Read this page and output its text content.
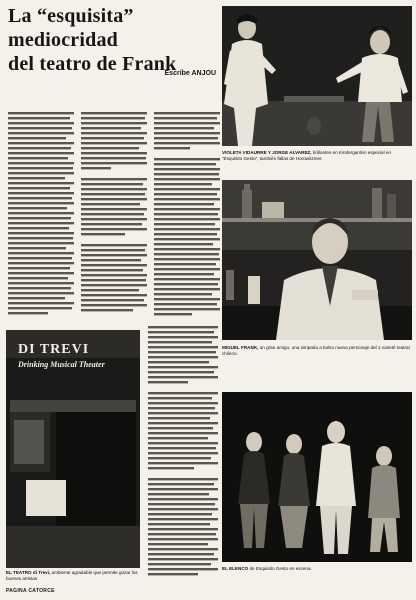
La “esquisita” mediocridad
del teatro de Frank
Escribe ANJOU
VIOLETA VIDAURRE Y JORGE ALVAREZ, brillantes en Kindergarden especial en “Esquisito Gesto”, también fallas de Horowitzmer.
MIGUEL FRANK, un gran amigo, una simpatía a bolso nueva personaje del 1 varieté teatral chileno.
DI TREVI
Drinking Musical Theater
EL TEATRO di Trevi, ambiente agradable que permite gozar los buenes artistas
EL ELENCO de Esquisito Gesto en escena.
PAGINA CATORCE
